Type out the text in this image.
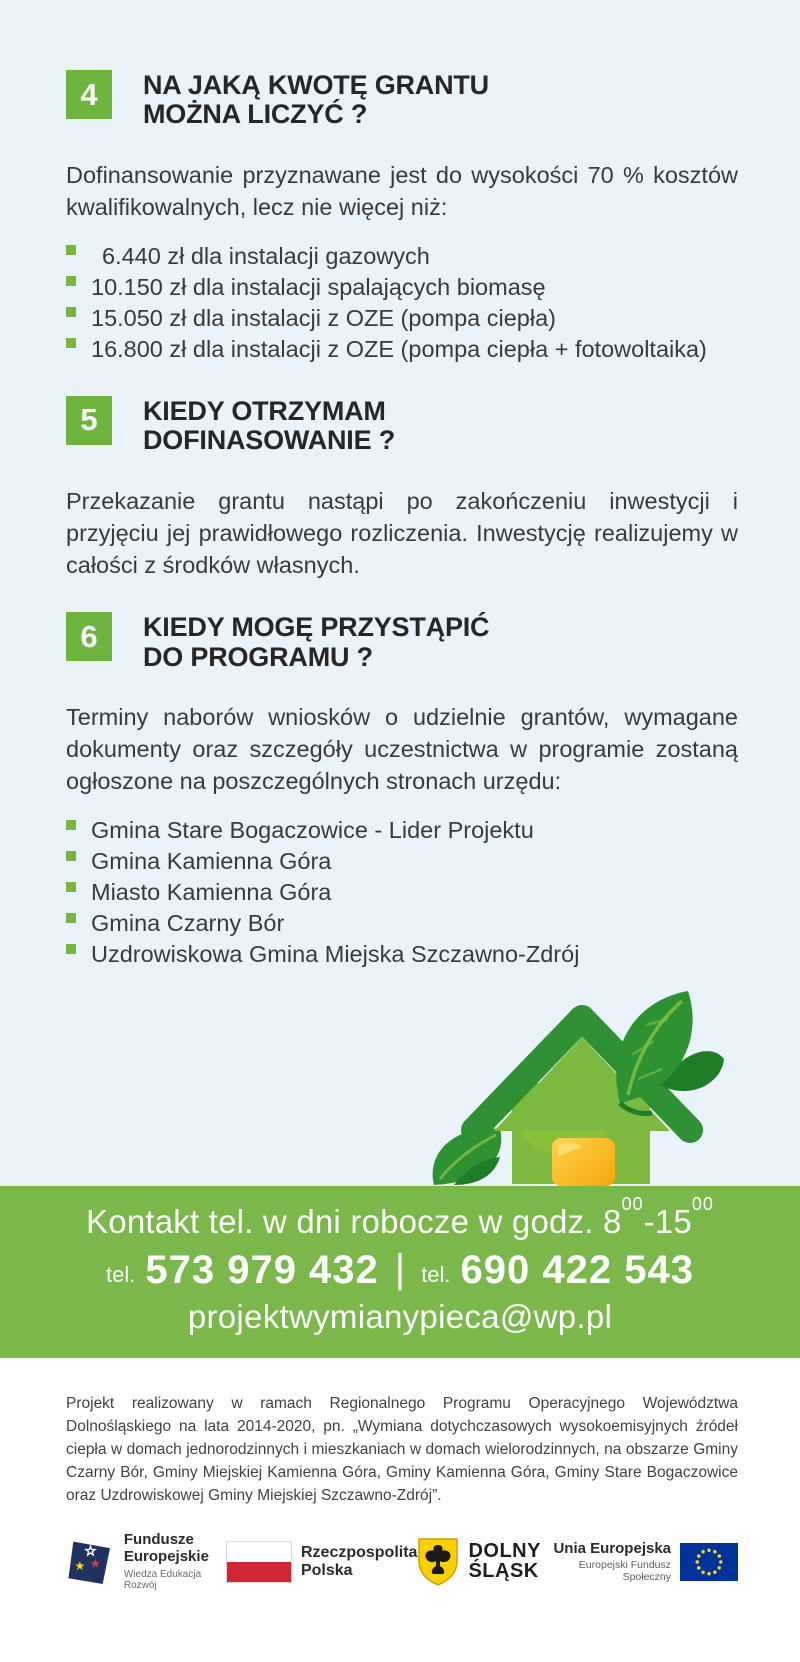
4	NA JAKĄ KWOTĘ GRANTU
MOŻNA LICZYĆ ?

Dofinansowanie przyznawane jest do wysokości 70 % kosztów kwalifikowalnych, lecz nie więcej niż:

6.440 zł dla instalacji gazowych
10.150 zł dla instalacji spalających biomasę
15.050 zł dla instalacji z OZE (pompa ciepła)
16.800 zł dla instalacji z OZE (pompa ciepła + fotowoltaika)
5	KIEDY OTRZYMAM
DOFINASOWANIE ?

Przekazanie grantu nastąpi po zakończeniu inwestycji i przyjęciu jej prawidłowego rozliczenia. Inwestycję realizujemy w całości z środków własnych.

6	KIEDY MOGĘ PRZYSTĄPIĆ
DO PROGRAMU ?

Terminy naborów wniosków o udzielnie grantów, wymagane dokumenty oraz szczegóły uczestnictwa w programie zostaną ogłoszone na poszczególnych stronach urzędu:

Gmina Stare Bogaczowice - Lider Projektu
Gmina Kamienna Góra
Miasto Kamienna Góra
Gmina Czarny Bór
Uzdrowiskowa Gmina Miejska Szczawno-Zdrój
Kontakt tel. w dni robocze w godz. $8^{00}-15^{00}$
tel. 573 979 432 | tel. 690 422 543
projektwymianypieca@wp.pl

Projekt realizowany w ramach Regionalnego Programu Operacyjnego Województwa Dolnośląskiego na lata 2014-2020, pn. „Wymiana dotychczasowych wysokoemisyjnych źródeł ciepła w domach jednorodzinnych i mieszkaniach w domach wielorodzinnych, na obszarze Gminy Czarny Bór, Gminy Miejskiej Kamienna Góra, Gminy Kamienna Góra, Gminy Stare Bogaczowice oraz Uzdrowiskowej Gminy Miejskiej Szczawno-Zdrój”.

Fundusze
Europejskie
Wiedza Edukacja Rozwój
Rzeczpospolita
Polska
DOLNY
ŚLĄSK
Unia Europejska
Europejski Fundusz Społeczny
